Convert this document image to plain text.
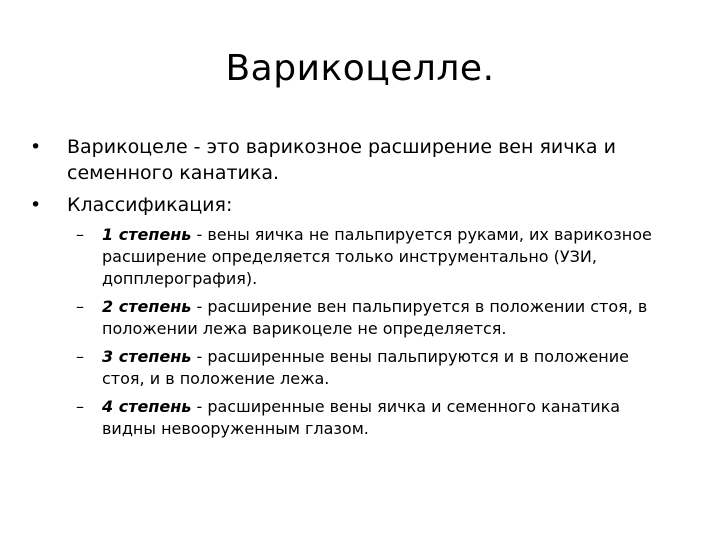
Варикоцелле.
• Варикоцеле - это варикозное расширение вен яичка и семенного канатика.
• Классификация:
– 1 степень - вены яичка не пальпируется руками, их варикозное расширение определяется только инструментально (УЗИ, допплерография).
– 2 степень - расширение вен пальпируется в положении стоя, в положении лежа варикоцеле не определяется.
– 3 степень - расширенные вены пальпируются и в положение стоя, и в положение лежа.
– 4 степень - расширенные вены яичка и семенного канатика видны невооруженным глазом.
